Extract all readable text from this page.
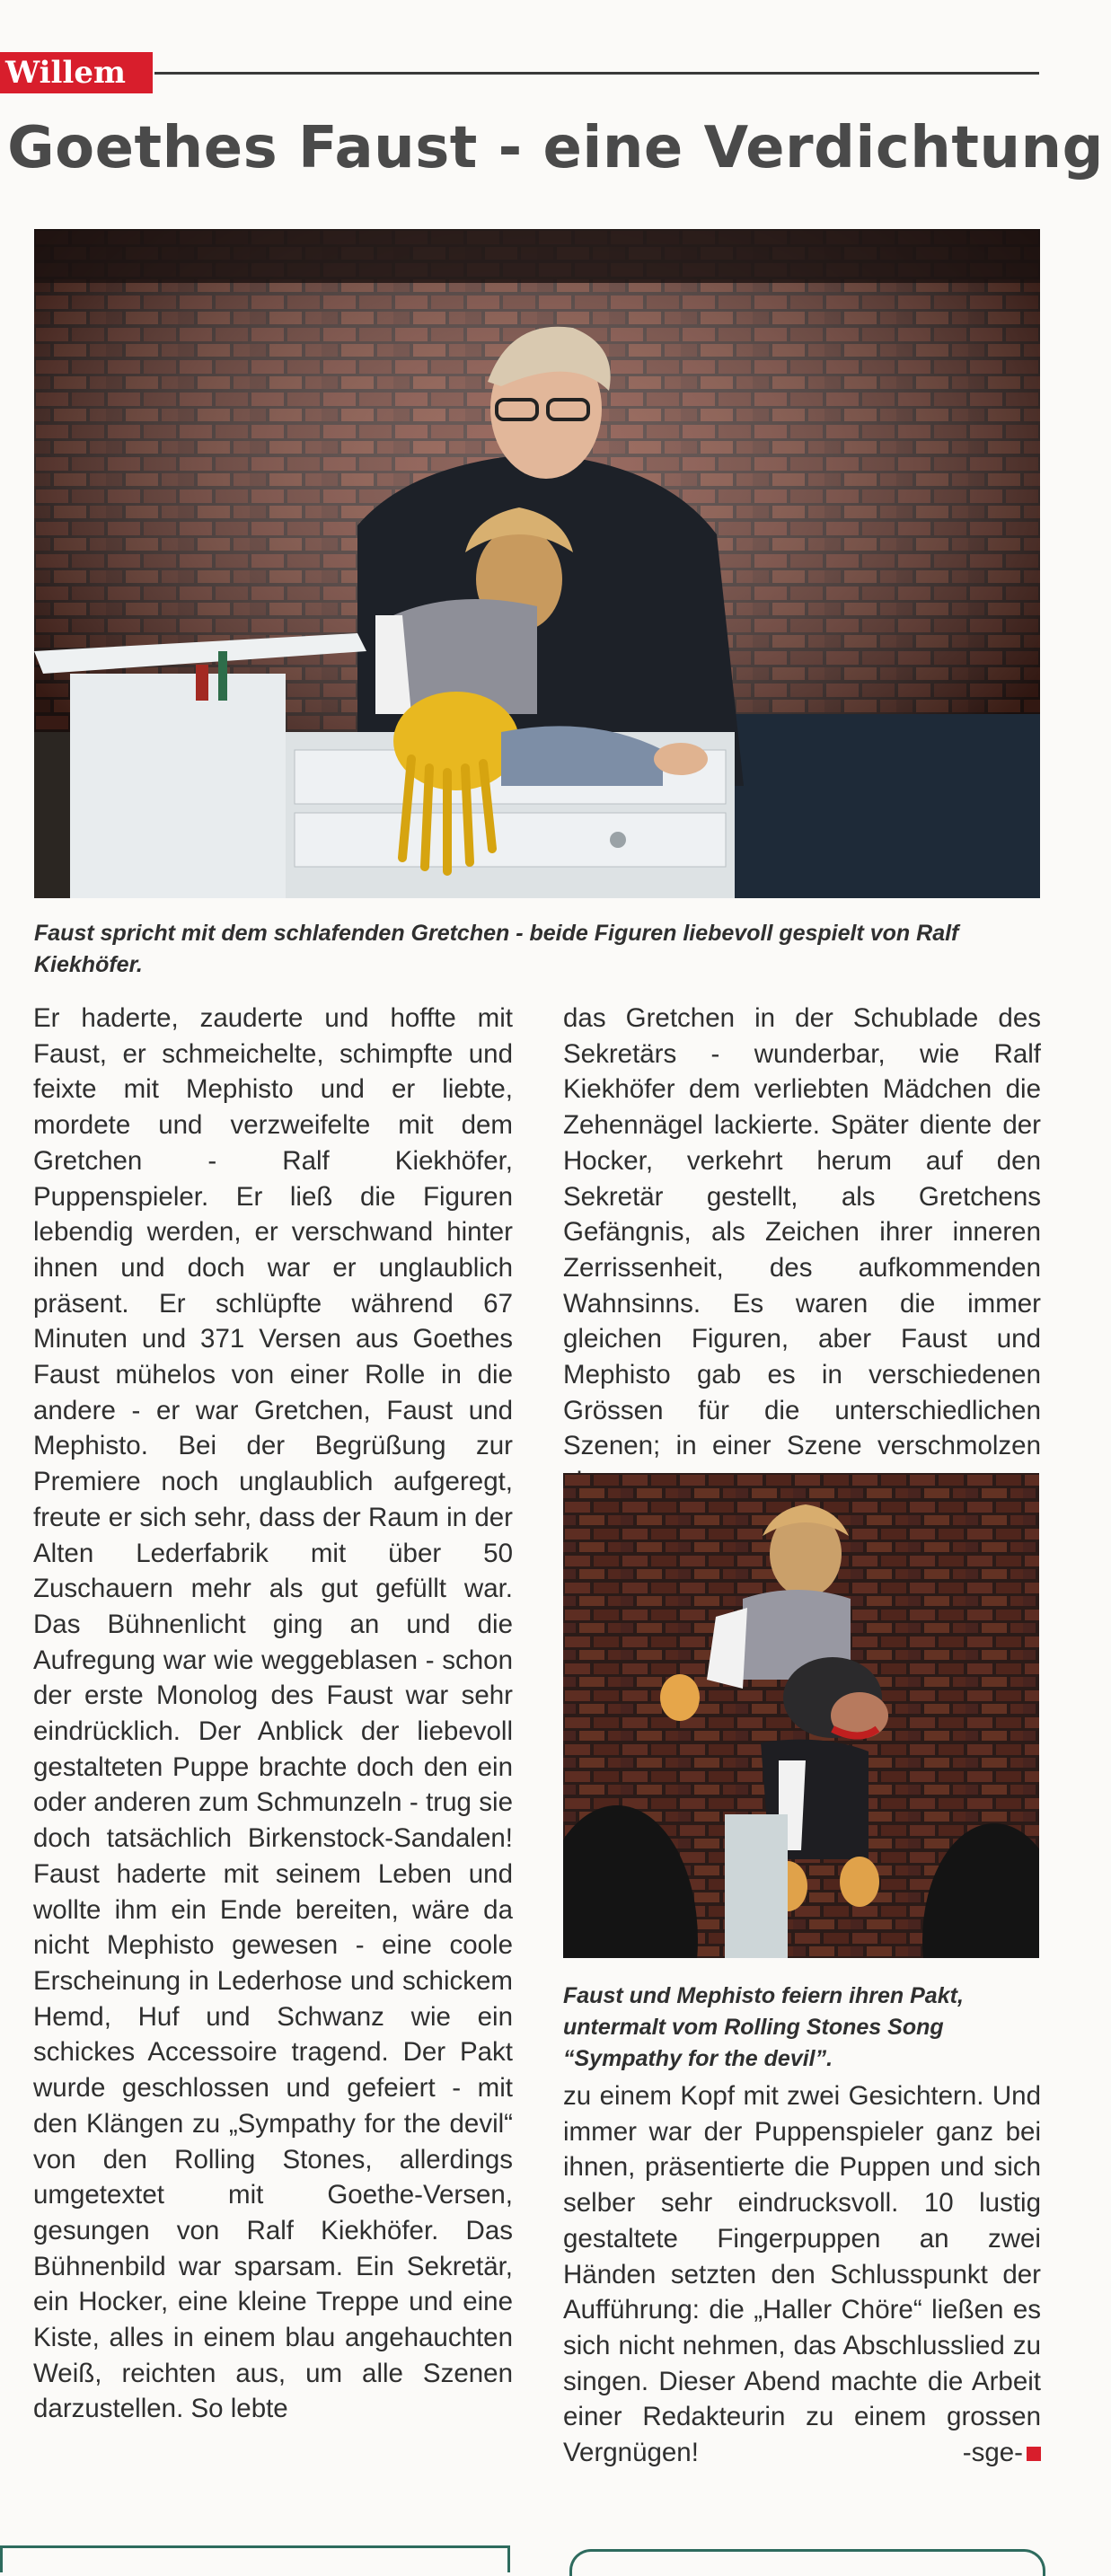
Willem
Goethes Faust - eine Verdichtung

Faust spricht mit dem schlafenden Gretchen - beide Figuren liebevoll gespielt von Ralf Kiekhöfer.

Er haderte, zauderte und hoffte mit Faust, er schmeichelte, schimpfte und feixte mit Mephisto und er liebte, mordete und verzweifelte mit dem Gretchen - Ralf Kiekhöfer, Puppenspieler. Er ließ die Figuren lebendig werden, er verschwand hinter ihnen und doch war er unglaublich präsent. Er schlüpfte während 67 Minuten und 371 Versen aus Goethes Faust mühelos von einer Rolle in die andere - er war Gretchen, Faust und Mephisto. Bei der Begrüßung zur Premiere noch unglaublich aufgeregt, freute er sich sehr, dass der Raum in der Alten Lederfabrik mit über 50 Zuschauern mehr als gut gefüllt war. Das Bühnenlicht ging an und die Aufregung war wie weggeblasen - schon der erste Monolog des Faust war sehr eindrücklich. Der Anblick der liebevoll gestalteten Puppe brachte doch den ein oder anderen zum Schmunzeln - trug sie doch tatsächlich Birkenstock-Sandalen! Faust haderte mit seinem Leben und wollte ihm ein Ende bereiten, wäre da nicht Mephisto gewesen - eine coole Erscheinung in Lederhose und schickem Hemd, Huf und Schwanz wie ein schickes Accessoire tragend. Der Pakt wurde geschlossen und gefeiert - mit den Klängen zu „Sympathy for the devil“ von den Rolling Stones, allerdings umgetextet mit Goethe-Versen, gesungen von Ralf Kiekhöfer. Das Bühnenbild war sparsam. Ein Sekretär, ein Hocker, eine kleine Treppe und eine Kiste, alles in einem blau angehauchten Weiß, reichten aus, um alle Szenen darzustellen. So lebte

das Gretchen in der Schublade des Sekretärs - wunderbar, wie Ralf Kiekhöfer dem verliebten Mädchen die Zehennägel lackierte. Später diente der Hocker, verkehrt herum auf den Sekretär gestellt, als Gretchens Gefängnis, als Zeichen ihrer inneren Zerrissenheit, des aufkommenden Wahnsinns. Es waren die immer gleichen Figuren, aber Faust und Mephisto gab es in verschiedenen Grössen für die unterschiedlichen Szenen; in einer Szene verschmolzen

Faust und Mephisto feiern ihren Pakt, untermalt vom Rolling Stones Song “Sympathy for the devil”.

zu einem Kopf mit zwei Gesichtern. Und immer war der Puppenspieler ganz bei ihnen, präsentierte die Puppen und sich selber sehr eindrucksvoll. 10 lustig gestaltete Fingerpuppen an zwei Händen setzten den Schlusspunkt der Aufführung: die „Haller Chöre“ ließen es sich nicht nehmen, das Abschlusslied zu singen. Dieser Abend machte die Arbeit einer Redakteurin zu einem grossen Vergnügen!	-sge-
